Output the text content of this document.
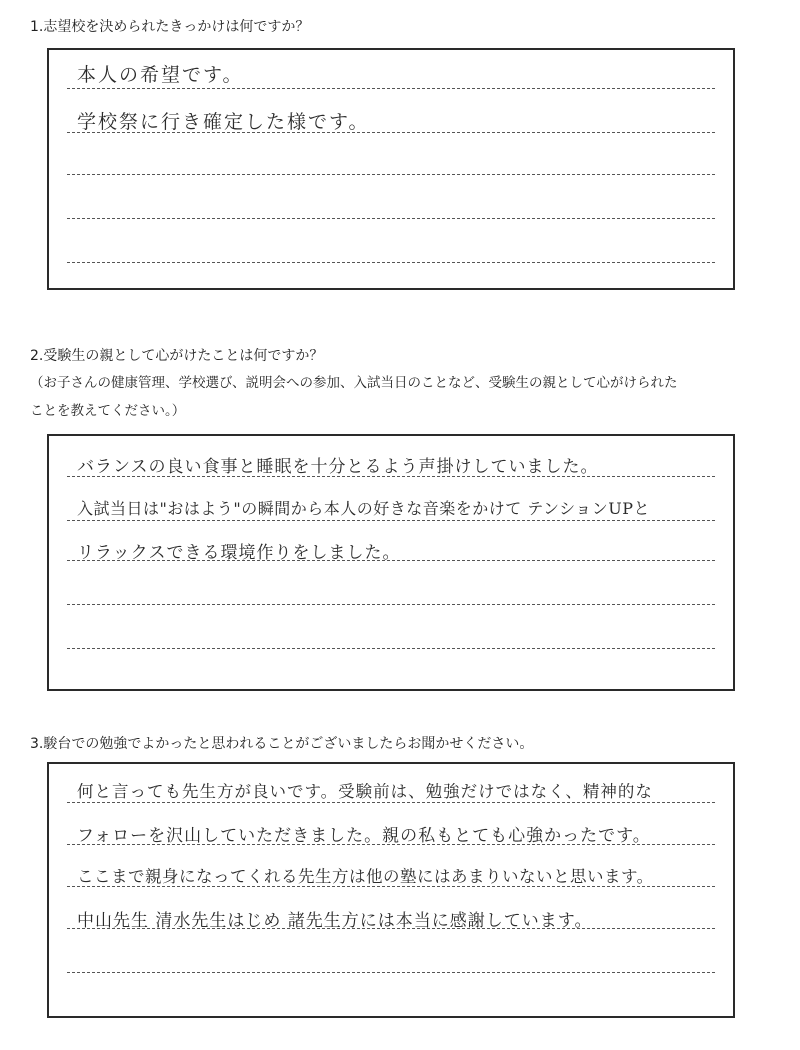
1.志望校を決められたきっかけは何ですか？
本人の希望です。
学校祭に行き確定した様です。
2.受験生の親として心がけたことは何ですか？
（お子さんの健康管理、学校選び、説明会への参加、入試当日のことなど、受験生の親として心がけられた
ことを教えてください。）
バランスの良い食事と睡眠を十分とるよう声掛けしていました。
入試当日は"おはよう"の瞬間から本人の好きな音楽をかけて テンションUPと
リラックスできる環境作りをしました。
3.駿台での勉強でよかったと思われることがございましたらお聞かせください。
何と言っても先生方が良いです。受験前は、勉強だけではなく、精神的な
フォローを沢山していただきました。親の私もとても心強かったです。
ここまで親身になってくれる先生方は他の塾にはあまりいないと思います。
中山先生 清水先生はじめ 諸先生方には本当に感謝しています。
